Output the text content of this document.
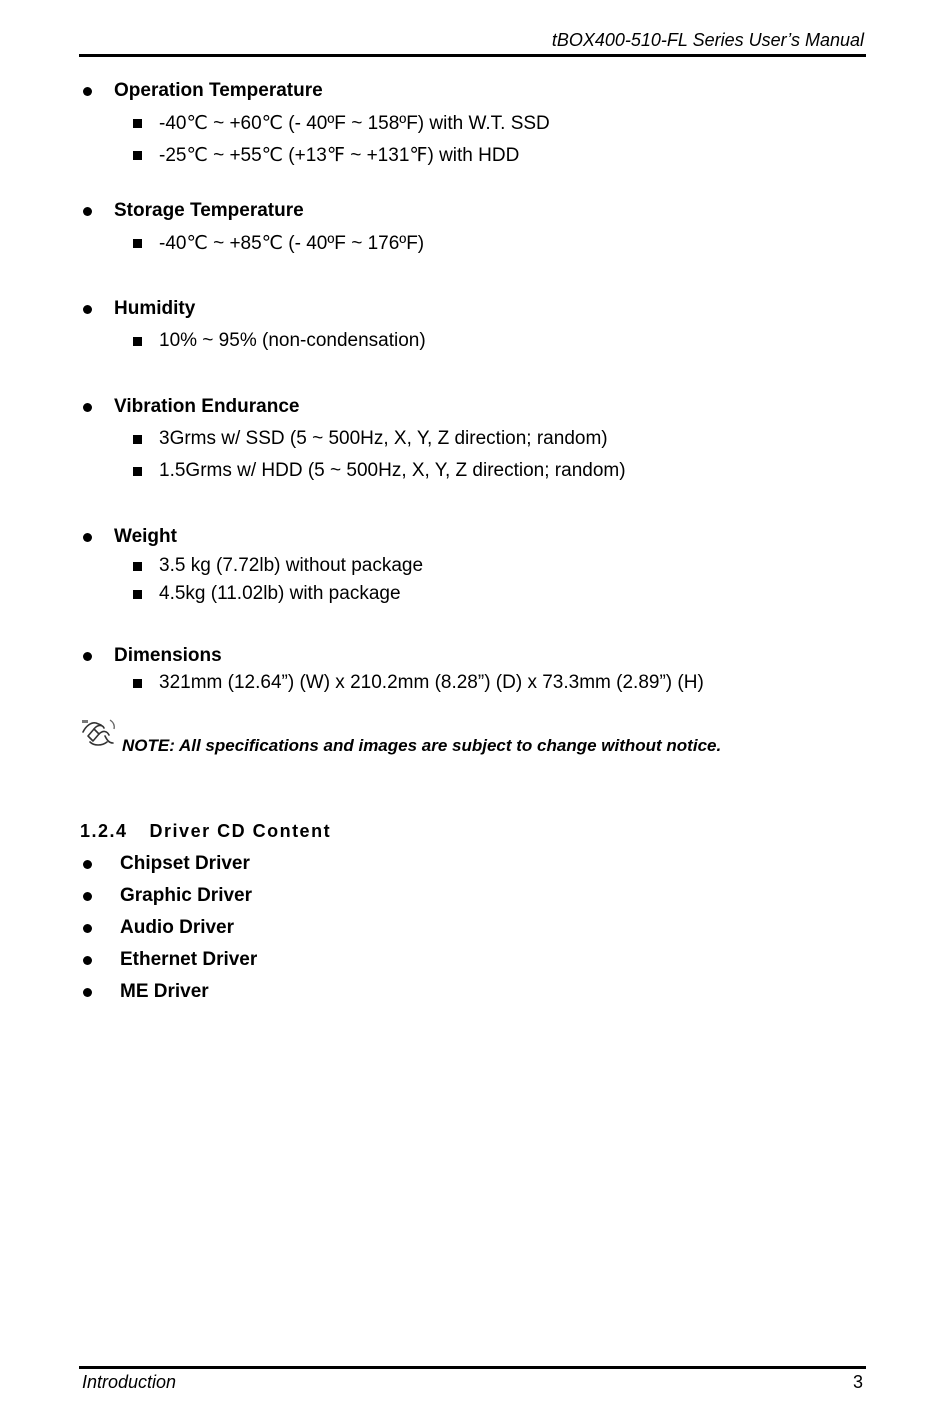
tBOX400-510-FL Series User’s Manual
Operation Temperature
-40℃ ~ +60℃ (- 40ºF ~ 158ºF) with W.T. SSD
-25℃ ~ +55℃ (+13℉ ~ +131℉) with HDD
Storage Temperature
-40℃ ~ +85℃ (- 40ºF ~ 176ºF)
Humidity
10% ~ 95% (non-condensation)
Vibration Endurance
3Grms w/ SSD (5 ~ 500Hz, X, Y, Z direction; random)
1.5Grms w/ HDD (5 ~ 500Hz, X, Y, Z direction; random)
Weight
3.5 kg (7.72lb) without package
4.5kg (11.02lb) with package
Dimensions
321mm (12.64”) (W) x 210.2mm (8.28”) (D) x 73.3mm (2.89”) (H)
NOTE: All specifications and images are subject to change without notice.
1.2.4 Driver CD Content
Chipset Driver
Graphic Driver
Audio Driver
Ethernet Driver
ME Driver
Introduction	3
